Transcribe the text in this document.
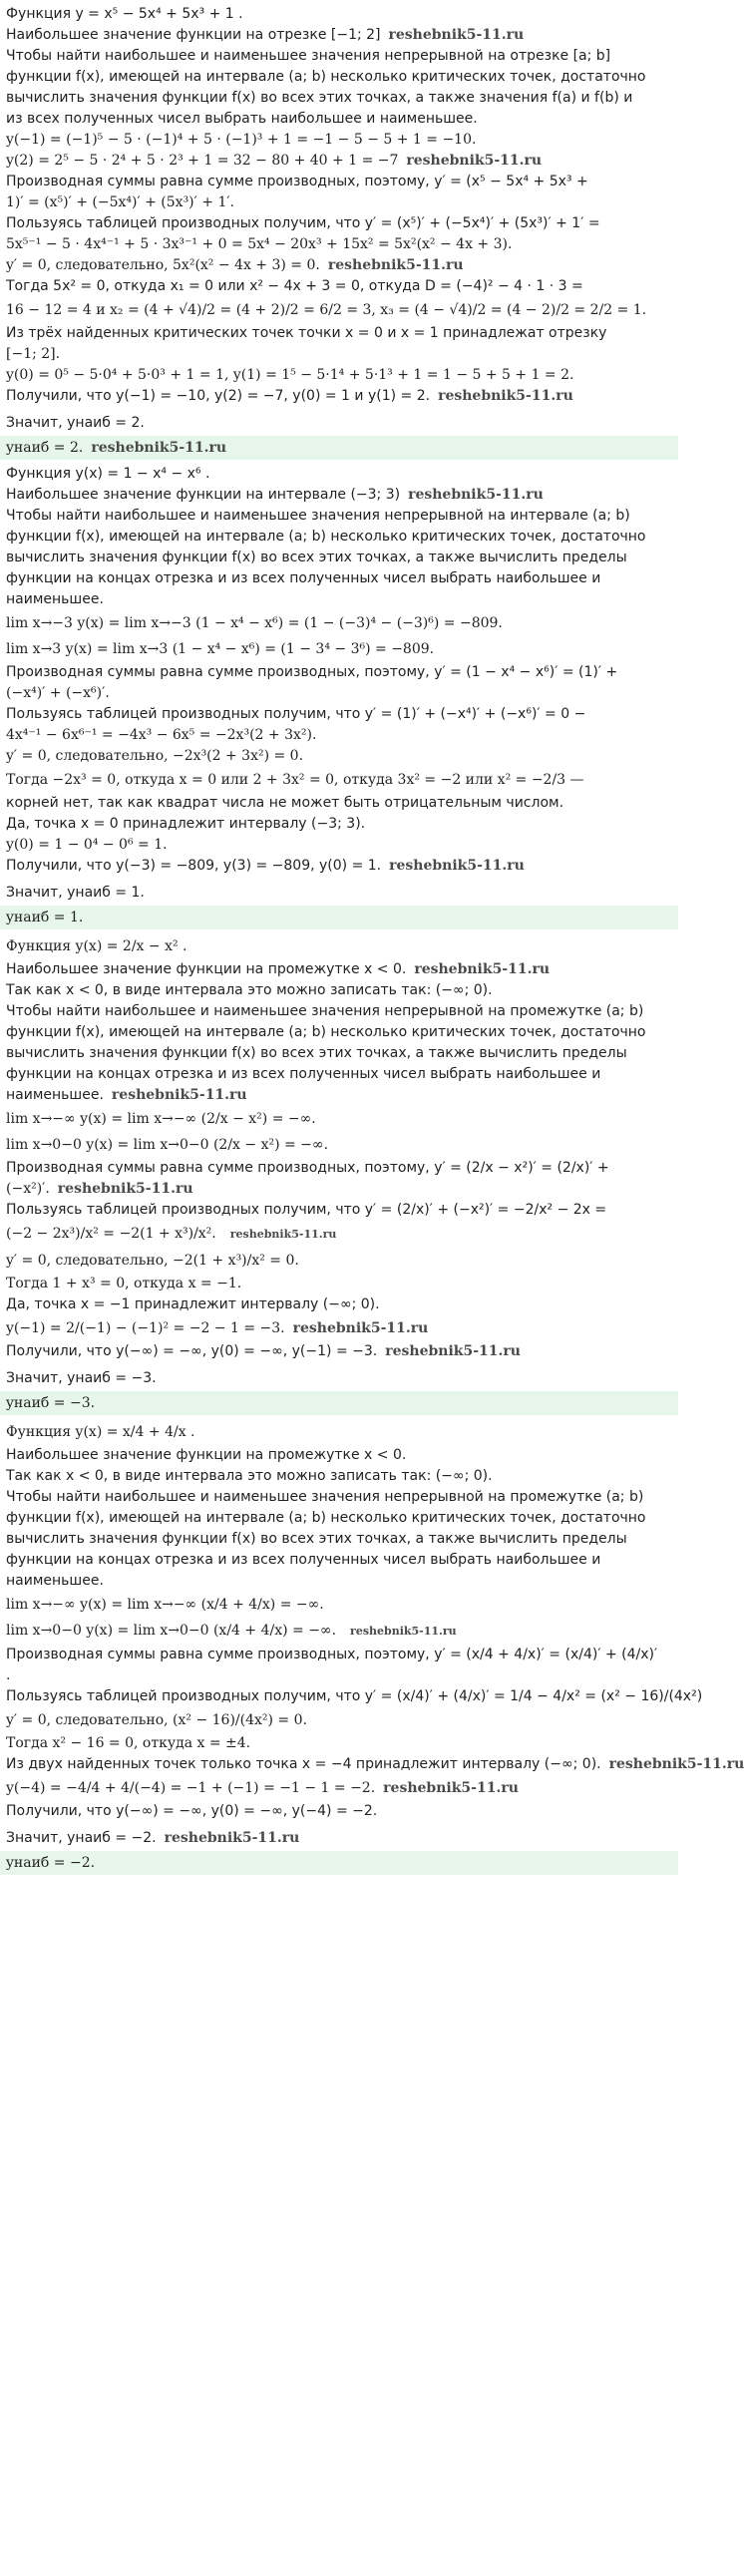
Функция y = x⁵ − 5x⁴ + 5x³ + 1 .
Наибольшее значение функции на отрезке [−1; 2] reshebnik5-11.ru
Чтобы найти наибольшее и наименьшее значения непрерывной на отрезке [a; b]
функции f(x), имеющей на интервале (a; b) несколько критических точек, достаточно
вычислить значения функции f(x) во всех этих точках, а также значения f(a) и f(b) и
из всех полученных чисел выбрать наибольшее и наименьшее.
y(−1) = (−1)⁵ − 5 · (−1)⁴ + 5 · (−1)³ + 1 = −1 − 5 − 5 + 1 = −10.
y(2) = 2⁵ − 5 · 2⁴ + 5 · 2³ + 1 = 32 − 80 + 40 + 1 = −7 reshebnik5-11.ru
Производная суммы равна сумме производных, поэтому, y′ = (x⁵ − 5x⁴ + 5x³ +
1)′ = (x⁵)′ + (−5x⁴)′ + (5x³)′ + 1′.
Пользуясь таблицей производных получим, что y′ = (x⁵)′ + (−5x⁴)′ + (5x³)′ + 1′ =
5x⁵⁻¹ − 5 · 4x⁴⁻¹ + 5 · 3x³⁻¹ + 0 = 5x⁴ − 20x³ + 15x² = 5x²(x² − 4x + 3).
y′ = 0, следовательно, 5x²(x² − 4x + 3) = 0. reshebnik5-11.ru
Тогда 5x² = 0, откуда x₁ = 0 или x² − 4x + 3 = 0, откуда D = (−4)² − 4 · 1 · 3 =
16 − 12 = 4 и x₂ = (4 + √4)/2 = (4 + 2)/2 = 6/2 = 3, x₃ = (4 − √4)/2 = (4 − 2)/2 = 2/2 = 1.
Из трёх найденных критических точек точки x = 0 и x = 1 принадлежат отрезку
[−1; 2].
y(0) = 0⁵ − 5·0⁴ + 5·0³ + 1 = 1, y(1) = 1⁵ − 5·1⁴ + 5·1³ + 1 = 1 − 5 + 5 + 1 = 2.
Получили, что y(−1) = −10, y(2) = −7, y(0) = 1 и y(1) = 2. reshebnik5-11.ru
Значит, yнаиб = 2.
yнаиб = 2. reshebnik5-11.ru
Функция y(x) = 1 − x⁴ − x⁶ .
Наибольшее значение функции на интервале (−3; 3) reshebnik5-11.ru
Чтобы найти наибольшее и наименьшее значения непрерывной на интервале (a; b)
функции f(x), имеющей на интервале (a; b) несколько критических точек, достаточно
вычислить значения функции f(x) во всех этих точках, а также вычислить пределы
функции на концах отрезка и из всех полученных чисел выбрать наибольшее и
наименьшее.
lim x→−3 y(x) = lim x→−3 (1 − x⁴ − x⁶) = (1 − (−3)⁴ − (−3)⁶) = −809.
lim x→3 y(x) = lim x→3 (1 − x⁴ − x⁶) = (1 − 3⁴ − 3⁶) = −809.
Производная суммы равна сумме производных, поэтому, y′ = (1 − x⁴ − x⁶)′ = (1)′ +
(−x⁴)′ + (−x⁶)′.
Пользуясь таблицей производных получим, что y′ = (1)′ + (−x⁴)′ + (−x⁶)′ = 0 −
4x⁴⁻¹ − 6x⁶⁻¹ = −4x³ − 6x⁵ = −2x³(2 + 3x²).
y′ = 0, следовательно, −2x³(2 + 3x²) = 0.
Тогда −2x³ = 0, откуда x = 0 или 2 + 3x² = 0, откуда 3x² = −2 или x² = −2/3 —
корней нет, так как квадрат числа не может быть отрицательным числом.
Да, точка x = 0 принадлежит интервалу (−3; 3).
y(0) = 1 − 0⁴ − 0⁶ = 1.
Получили, что y(−3) = −809, y(3) = −809, y(0) = 1. reshebnik5-11.ru
Значит, yнаиб = 1.
yнаиб = 1.
Функция y(x) = 2/x − x² .
Наибольшее значение функции на промежутке x < 0. reshebnik5-11.ru
Так как x < 0, в виде интервала это можно записать так: (−∞; 0).
Чтобы найти наибольшее и наименьшее значения непрерывной на промежутке (a; b)
функции f(x), имеющей на интервале (a; b) несколько критических точек, достаточно
вычислить значения функции f(x) во всех этих точках, а также вычислить пределы
функции на концах отрезка и из всех полученных чисел выбрать наибольшее и
наименьшее. reshebnik5-11.ru
lim x→−∞ y(x) = lim x→−∞ (2/x − x²) = −∞.
lim x→0−0 y(x) = lim x→0−0 (2/x − x²) = −∞.
Производная суммы равна сумме производных, поэтому, y′ = (2/x − x²)′ = (2/x)′ +
(−x²)′. reshebnik5-11.ru
Пользуясь таблицей производных получим, что y′ = (2/x)′ + (−x²)′ = −2/x² − 2x =
(−2 − 2x³)/x² = −2(1 + x³)/x². reshebnik5-11.ru
y′ = 0, следовательно, −2(1 + x³)/x² = 0.
Тогда 1 + x³ = 0, откуда x = −1.
Да, точка x = −1 принадлежит интервалу (−∞; 0).
y(−1) = 2/(−1) − (−1)² = −2 − 1 = −3. reshebnik5-11.ru
Получили, что y(−∞) = −∞, y(0) = −∞, y(−1) = −3. reshebnik5-11.ru
Значит, yнаиб = −3.
yнаиб = −3.
Функция y(x) = x/4 + 4/x .
Наибольшее значение функции на промежутке x < 0.
Так как x < 0, в виде интервала это можно записать так: (−∞; 0).
Чтобы найти наибольшее и наименьшее значения непрерывной на промежутке (a; b)
функции f(x), имеющей на интервале (a; b) несколько критических точек, достаточно
вычислить значения функции f(x) во всех этих точках, а также вычислить пределы
функции на концах отрезка и из всех полученных чисел выбрать наибольшее и
наименьшее.
lim x→−∞ y(x) = lim x→−∞ (x/4 + 4/x) = −∞.
lim x→0−0 y(x) = lim x→0−0 (x/4 + 4/x) = −∞. reshebnik5-11.ru
Производная суммы равна сумме производных, поэтому, y′ = (x/4 + 4/x)′ = (x/4)′ + (4/x)′
.
Пользуясь таблицей производных получим, что y′ = (x/4)′ + (4/x)′ = 1/4 − 4/x² = (x² − 16)/(4x²)
y′ = 0, следовательно, (x² − 16)/(4x²) = 0.
Тогда x² − 16 = 0, откуда x = ±4.
Из двух найденных точек только точка x = −4 принадлежит интервалу (−∞; 0). reshebnik5-11.ru
y(−4) = −4/4 + 4/(−4) = −1 + (−1) = −1 − 1 = −2. reshebnik5-11.ru
Получили, что y(−∞) = −∞, y(0) = −∞, y(−4) = −2.
Значит, yнаиб = −2. reshebnik5-11.ru
yнаиб = −2.
